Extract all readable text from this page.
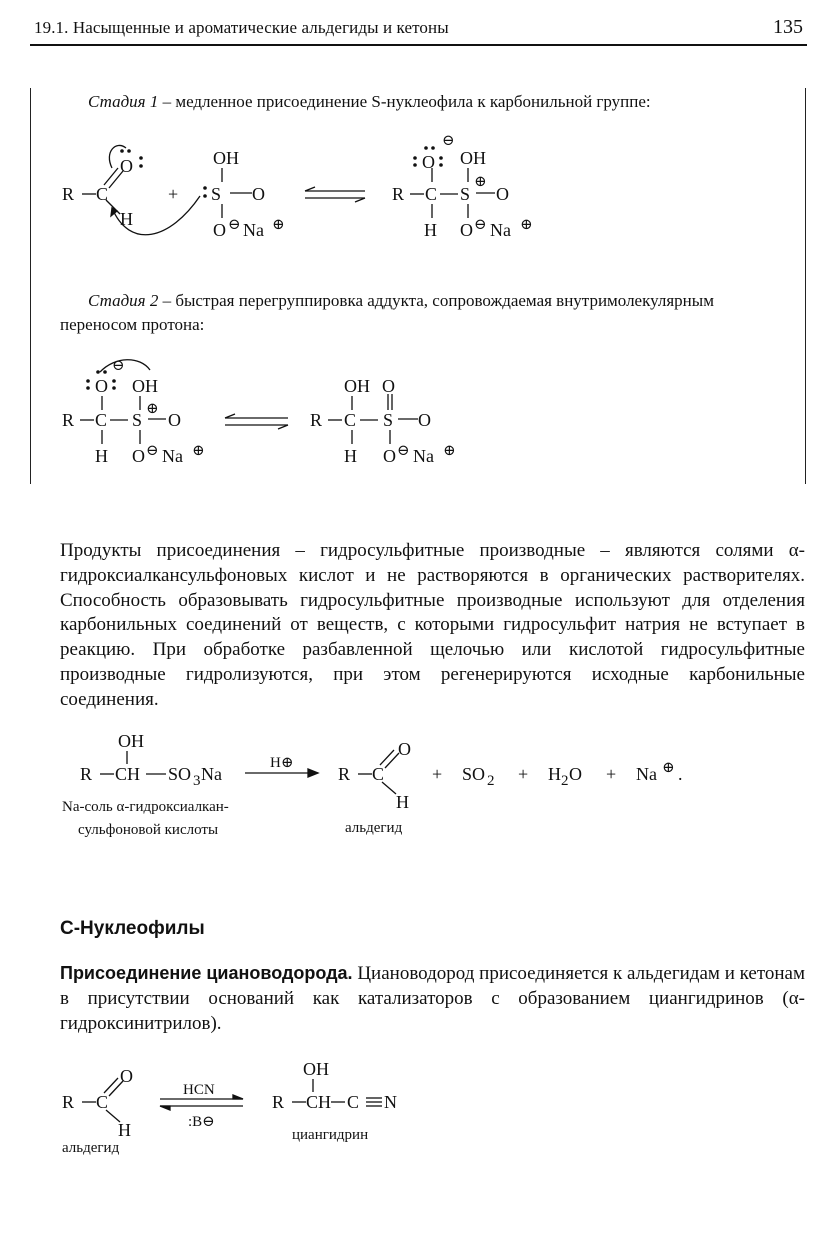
19.1. Насыщенные и ароматические альдегиды и кетоны	135
Стадия 1 – медленное присоединение S-нуклеофила к карбонильной группе:
Стадия 2 – быстрая перегруппировка аддукта, сопровождаемая внутримолекулярным переносом протона:
Продукты присоединения – гидросульфитные производные – являются солями α-гидроксиалкансульфоновых кислот и не растворяются в органических растворителях. Способность образовывать гидросульфитные производные используют для отделения карбонильных соединений от веществ, с которыми гидросульфит натрия не вступает в реакцию. При обработке разбавленной щелочью или кислотой гидросульфитные производные гидролизуются, при этом регенерируются исходные карбонильные соединения.
С-Нуклеофилы
Присоединение циановодорода. Циановодород присоединяется к альдегидам и кетонам в присутствии оснований как катализаторов с образованием циангидринов (α-гидроксинитрилов).
R C
O
H
+
OH
S O
O ⊖ Na ⊕
R C
O
⊖
H
OH
⊕
S O
O ⊖ Na ⊕
R C
O
⊖
H
OH
⊕
S O
O ⊖ Na ⊕
R C
OH O
S O
H O ⊖ Na ⊕
OH
R CH SO 3 Na
H⊕
R C
O
H
+ SO 2 + H 2 O + Na ⊕ .
Na-соль α-гидроксиалкан-
сульфоновой кислоты	альдегид
R C
O
H
HCN
:B⊖
OH
R CH C N
альдегид
циангидрин
